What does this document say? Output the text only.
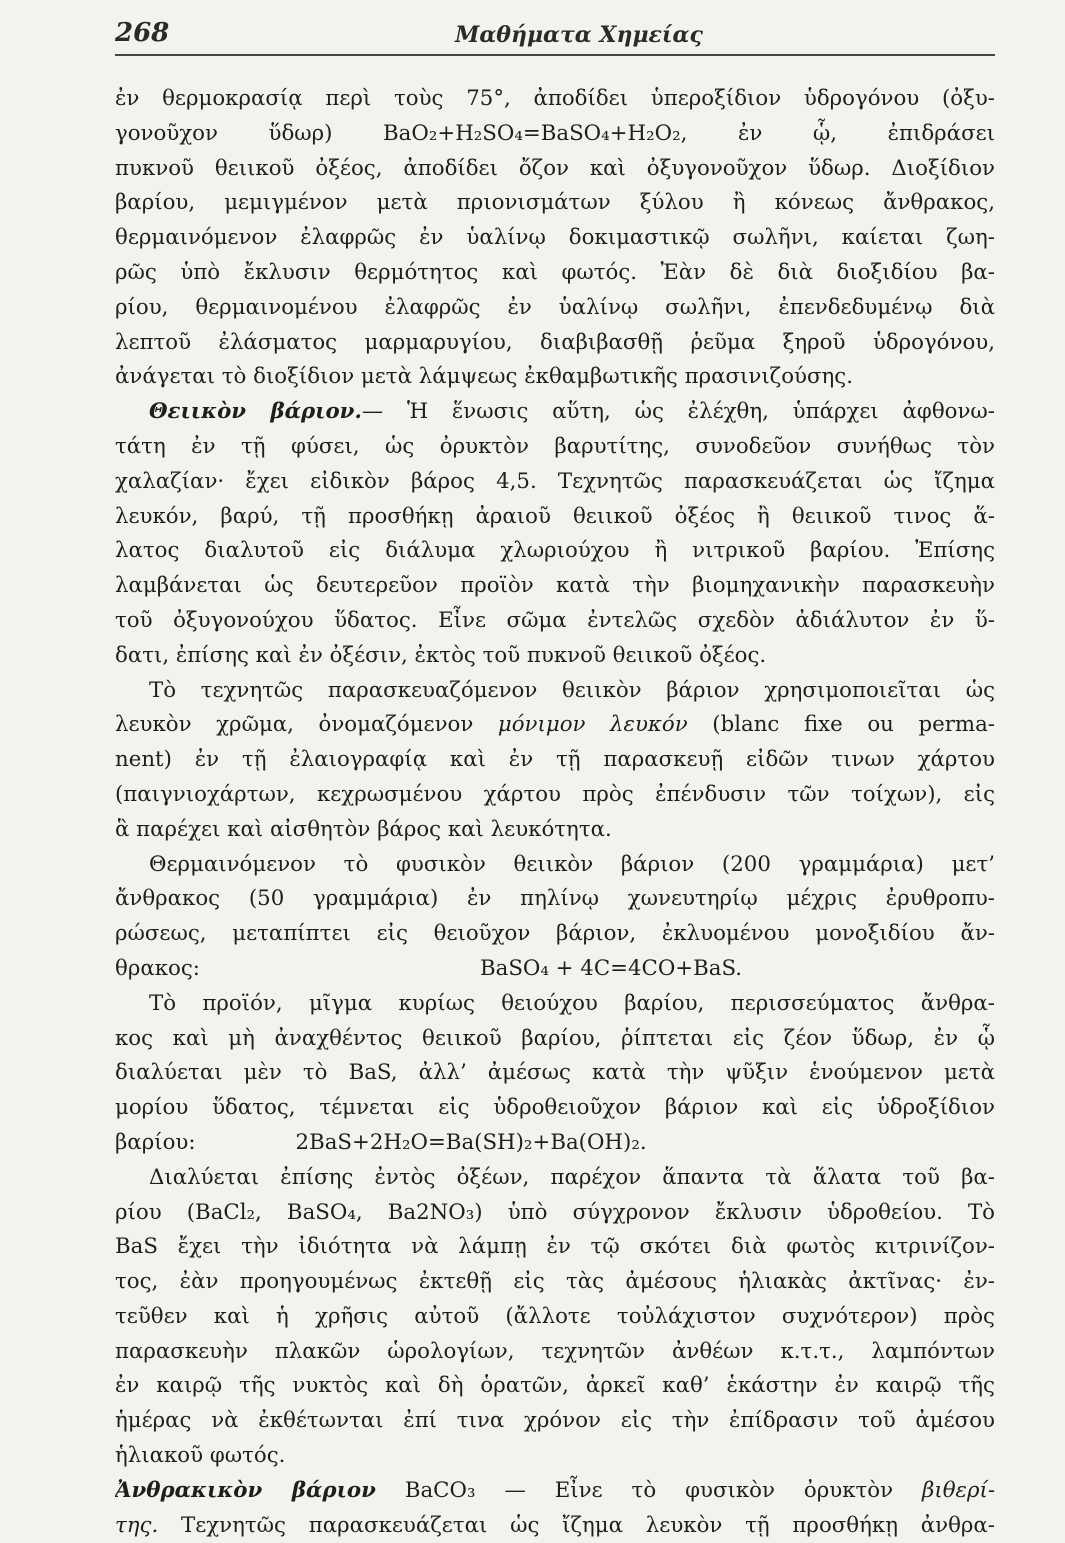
268	Μαθήματα Χημείας
ἐν θερμοκρασίᾳ περὶ τοὺς 75°, ἀποδίδει ὑπεροξίδιον ὑδρογόνου (ὀξυ-
γονοῦχον ὕδωρ) BaO₂+H₂SO₄=BaSO₄+H₂O₂, ἐν ᾧ, ἐπιδράσει
πυκνοῦ θειικοῦ ὀξέος, ἀποδίδει ὄζον καὶ ὀξυγονοῦχον ὕδωρ. Διοξίδιον
βαρίου, μεμιγμένον μετὰ πριονισμάτων ξύλου ἢ κόνεως ἄνθρακος,
θερμαινόμενον ἐλαφρῶς ἐν ὑαλίνῳ δοκιμαστικῷ σωλῆνι, καίεται ζωη-
ρῶς ὑπὸ ἔκλυσιν θερμότητος καὶ φωτός. Ἐὰν δὲ διὰ διοξιδίου βα-
ρίου, θερμαινομένου ἐλαφρῶς ἐν ὑαλίνῳ σωλῆνι, ἐπενδεδυμένῳ διὰ
λεπτοῦ ἐλάσματος μαρμαρυγίου, διαβιβασθῇ ῥεῦμα ξηροῦ ὑδρογόνου,
ἀνάγεται τὸ διοξίδιον μετὰ λάμψεως ἐκθαμβωτικῆς πρασινιζούσης.
Θειικὸν βάριον.— Ἡ ἕνωσις αὕτη, ὡς ἐλέχθη, ὑπάρχει ἀφθονω-
τάτη ἐν τῇ φύσει, ὡς ὀρυκτὸν βαρυτίτης, συνοδεῦον συνήθως τὸν
χαλαζίαν· ἔχει εἰδικὸν βάρος 4,5. Τεχνητῶς παρασκευάζεται ὡς ἴζημα
λευκόν, βαρύ, τῇ προσθήκῃ ἀραιοῦ θειικοῦ ὀξέος ἢ θειικοῦ τινος ἅ-
λατος διαλυτοῦ εἰς διάλυμα χλωριούχου ἢ νιτρικοῦ βαρίου. Ἐπίσης
λαμβάνεται ὡς δευτερεῦον προϊὸν κατὰ τὴν βιομηχανικὴν παρασκευὴν
τοῦ ὀξυγονούχου ὕδατος. Εἶνε σῶμα ἐντελῶς σχεδὸν ἀδιάλυτον ἐν ὕ-
δατι, ἐπίσης καὶ ἐν ὀξέσιν, ἐκτὸς τοῦ πυκνοῦ θειικοῦ ὀξέος.
Τὸ τεχνητῶς παρασκευαζόμενον θειικὸν βάριον χρησιμοποιεῖται ὡς
λευκὸν χρῶμα, ὀνομαζόμενον μόνιμον λευκόν (blanc fixe ou perma-
nent) ἐν τῇ ἐλαιογραφίᾳ καὶ ἐν τῇ παρασκευῇ εἰδῶν τινων χάρτου
(παιγνιοχάρτων, κεχρωσμένου χάρτου πρὸς ἐπένδυσιν τῶν τοίχων), εἰς
ἃ παρέχει καὶ αἰσθητὸν βάρος καὶ λευκότητα.
Θερμαινόμενον τὸ φυσικὸν θειικὸν βάριον (200 γραμμάρια) μετ’
ἄνθρακος (50 γραμμάρια) ἐν πηλίνῳ χωνευτηρίῳ μέχρις ἐρυθροπυ-
ρώσεως, μεταπίπτει εἰς θειοῦχον βάριον, ἐκλυομένου μονοξιδίου ἄν-
θρακος:	BaSO₄ + 4C=4CO+BaS.
Τὸ προϊόν, μῖγμα κυρίως θειούχου βαρίου, περισσεύματος ἄνθρα-
κος καὶ μὴ ἀναχθέντος θειικοῦ βαρίου, ῥίπτεται εἰς ζέον ὕδωρ, ἐν ᾧ
διαλύεται μὲν τὸ BaS, ἀλλ’ ἀμέσως κατὰ τὴν ψῦξιν ἑνούμενον μετὰ
μορίου ὕδατος, τέμνεται εἰς ὑδροθειοῦχον βάριον καὶ εἰς ὑδροξίδιον
βαρίου:	2BaS+2H₂O=Ba(SH)₂+Ba(OH)₂.
Διαλύεται ἐπίσης ἐντὸς ὀξέων, παρέχον ἅπαντα τὰ ἅλατα τοῦ βα-
ρίου (BaCl₂, BaSO₄, Ba2NO₃) ὑπὸ σύγχρονον ἔκλυσιν ὑδροθείου. Τὸ
BaS ἔχει τὴν ἰδιότητα νὰ λάμπῃ ἐν τῷ σκότει διὰ φωτὸς κιτρινίζον-
τος, ἐὰν προηγουμένως ἐκτεθῇ εἰς τὰς ἀμέσους ἡλιακὰς ἀκτῖνας· ἐν-
τεῦθεν καὶ ἡ χρῆσις αὐτοῦ (ἄλλοτε τοὐλάχιστον συχνότερον) πρὸς
παρασκευὴν πλακῶν ὡρολογίων, τεχνητῶν ἀνθέων κ.τ.τ., λαμπόντων
ἐν καιρῷ τῆς νυκτὸς καὶ δὴ ὁρατῶν, ἀρκεῖ καθ’ ἑκάστην ἐν καιρῷ τῆς
ἡμέρας νὰ ἐκθέτωνται ἐπί τινα χρόνον εἰς τὴν ἐπίδρασιν τοῦ ἀμέσου
ἡλιακοῦ φωτός.
Ἀνθρακικὸν βάριον BaCO₃ — Εἶνε τὸ φυσικὸν ὀρυκτὸν βιθερί-
της. Τεχνητῶς παρασκευάζεται ὡς ἴζημα λευκὸν τῇ προσθήκῃ ἀνθρα-
